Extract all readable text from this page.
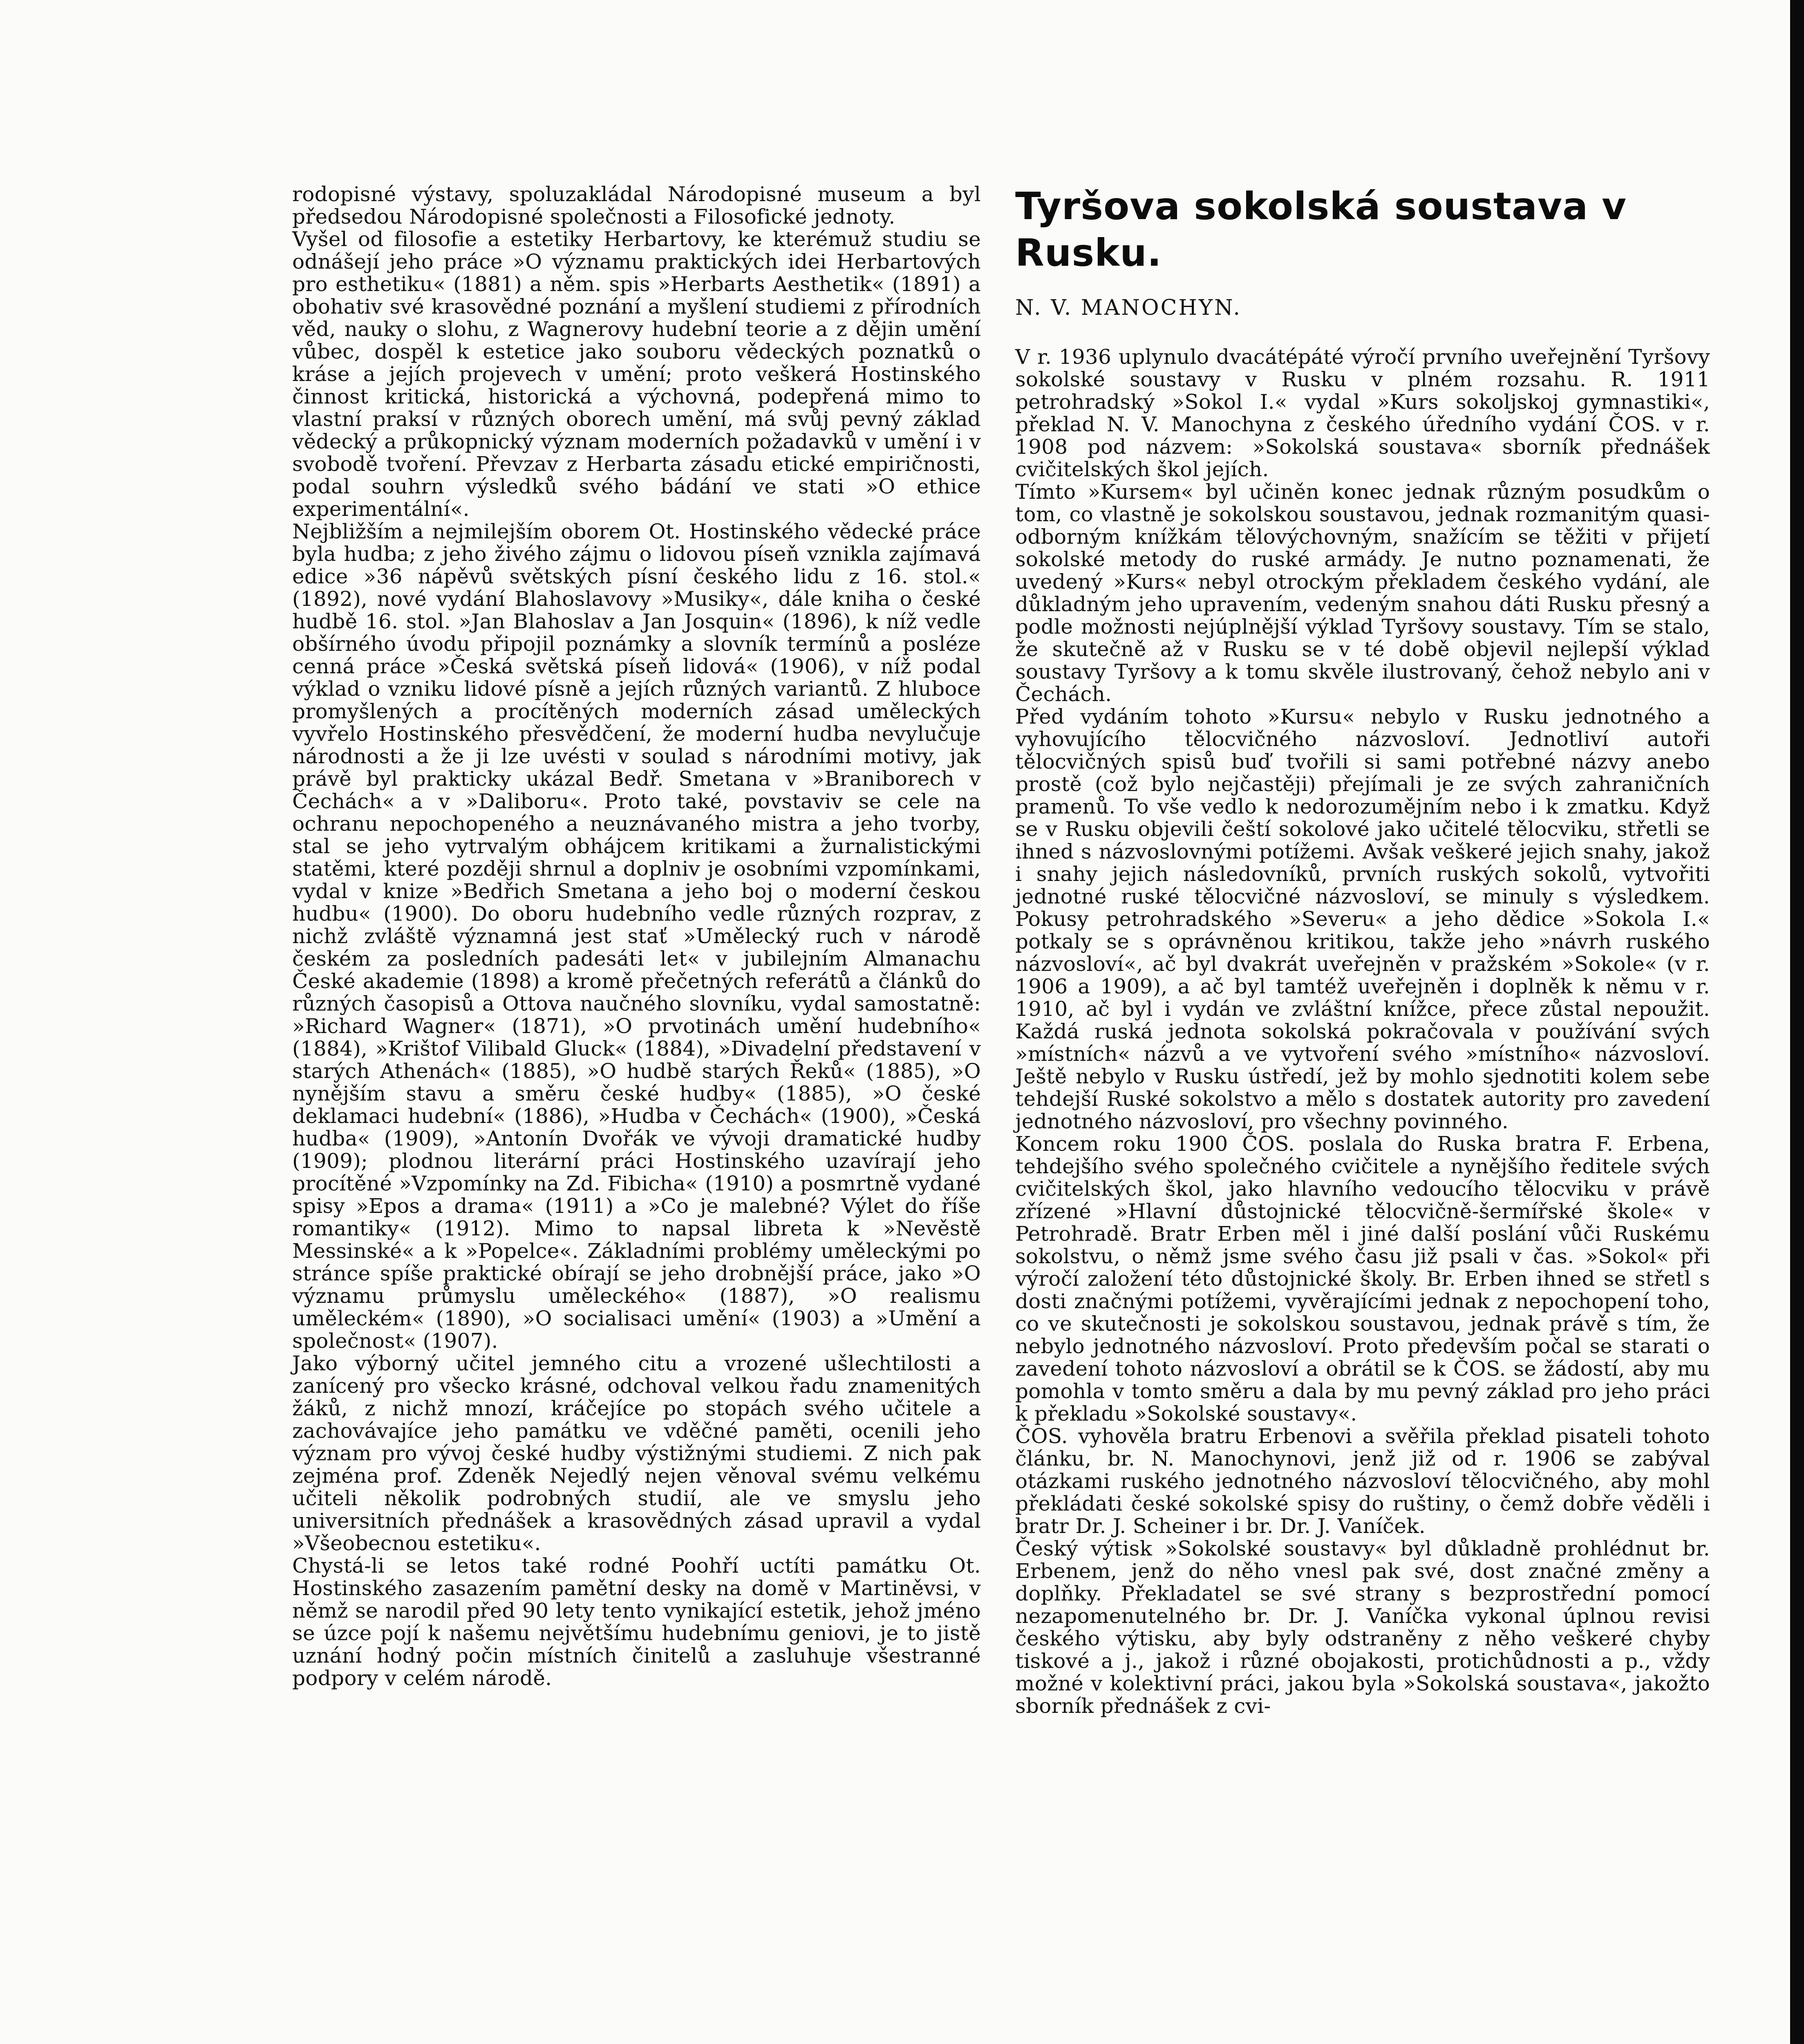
rodopisné výstavy, spoluzakládal Národopisné museum a byl předsedou Národopisné společnosti a Filosofické jednoty.

Vyšel od filosofie a estetiky Herbartovy, ke kterémuž studiu se odnášejí jeho práce »O významu praktických idei Herbartových pro esthetiku« (1881) a něm. spis »Herbarts Aesthetik« (1891) a obohativ své krasovědné poznání a myšlení studiemi z přírodních věd, nauky o slohu, z Wagnerovy hudební teorie a z dějin umění vůbec, dospěl k estetice jako souboru vědeckých poznatků o kráse a jejích projevech v umění; proto veškerá Hostinského činnost kritická, historická a výchovná, podepřená mimo to vlastní praksí v různých oborech umění, má svůj pevný základ vědecký a průkopnický význam moderních požadavků v umění i v svobodě tvoření. Převzav z Herbarta zásadu etické empiričnosti, podal souhrn výsledků svého bádání ve stati »O ethice experimentální«.

Nejbližším a nejmilejším oborem Ot. Hostinského vědecké práce byla hudba; z jeho živého zájmu o lidovou píseň vznikla zajímavá edice »36 nápěvů světských písní českého lidu z 16. stol.« (1892), nové vydání Blahoslavovy »Musiky«, dále kniha o české hudbě 16. stol. »Jan Blahoslav a Jan Josquin« (1896), k níž vedle obšírného úvodu připojil poznámky a slovník termínů a posléze cenná práce »Česká světská píseň lidová« (1906), v níž podal výklad o vzniku lidové písně a jejích různých variantů. Z hluboce promyšlených a procítěných moderních zásad uměleckých vyvřelo Hostinského přesvědčení, že moderní hudba nevylučuje národnosti a že ji lze uvésti v soulad s národními motivy, jak právě byl prakticky ukázal Bedř. Smetana v »Braniborech v Čechách« a v »Daliboru«. Proto také, povstaviv se cele na ochranu nepochopeného a neuznávaného mistra a jeho tvorby, stal se jeho vytrvalým obhájcem kritikami a žurnalistickými statěmi, které později shrnul a doplniv je osobními vzpomínkami, vydal v knize »Bedřich Smetana a jeho boj o moderní českou hudbu« (1900). Do oboru hudebního vedle různých rozprav, z nichž zvláště významná jest stať »Umělecký ruch v národě českém za posledních padesáti let« v jubilejním Almanachu České akademie (1898) a kromě přečetných referátů a článků do různých časopisů a Ottova naučného slovníku, vydal samostatně: »Richard Wagner« (1871), »O prvotinách umění hudebního« (1884), »Krištof Vilibald Gluck« (1884), »Divadelní představení v starých Athenách« (1885), »O hudbě starých Řeků« (1885), »O nynějším stavu a směru české hudby« (1885), »O české deklamaci hudební« (1886), »Hudba v Čechách« (1900), »Česká hudba« (1909), »Antonín Dvořák ve vývoji dramatické hudby (1909); plodnou literární práci Hostinského uzavírají jeho procítěné »Vzpomínky na Zd. Fibicha« (1910) a posmrtně vydané spisy »Epos a drama« (1911) a »Co je malebné? Výlet do říše romantiky« (1912). Mimo to napsal libreta k »Nevěstě Messinské« a k »Popelce«. Základními problémy uměleckými po stránce spíše praktické obírají se jeho drobnější práce, jako »O významu průmyslu uměleckého« (1887), »O realismu uměleckém« (1890), »O socialisaci umění« (1903) a »Umění a společnost« (1907).

Jako výborný učitel jemného citu a vrozené ušlechtilosti a zanícený pro všecko krásné, odchoval velkou řadu znamenitých žáků, z nichž mnozí, kráčejíce po stopách svého učitele a zachovávajíce jeho památku ve vděčné paměti, ocenili jeho význam pro vývoj české hudby výstižnými studiemi. Z nich pak zejména prof. Zdeněk Nejedlý nejen věnoval svému velkému učiteli několik podrobných studií, ale ve smyslu jeho universitních přednášek a krasovědných zásad upravil a vydal »Všeobecnou estetiku«.

Chystá-li se letos také rodné Poohří uctíti památku Ot. Hostinského zasazením pamětní desky na domě v Martiněvsi, v němž se narodil před 90 lety tento vynikající estetik, jehož jméno se úzce pojí k našemu největšímu hudebnímu geniovi, je to jistě uznání hodný počin místních činitelů a zasluhuje všestranné podpory v celém národě.

Tyršova sokolská soustava v Rusku.
N. V. MANOCHYN.

V r. 1936 uplynulo dvacátépáté výročí prvního uveřejnění Tyršovy sokolské soustavy v Rusku v plném rozsahu. R. 1911 petrohradský »Sokol I.« vydal »Kurs sokoljskoj gymnastiki«, překlad N. V. Manochyna z českého úředního vydání ČOS. v r. 1908 pod názvem: »Sokolská soustava« sborník přednášek cvičitelských škol jejích.

Tímto »Kursem« byl učiněn konec jednak různým posudkům o tom, co vlastně je sokolskou soustavou, jednak rozmanitým quasi-odborným knížkám tělovýchovným, snažícím se těžiti v přijetí sokolské metody do ruské armády. Je nutno poznamenati, že uvedený »Kurs« nebyl otrockým překladem českého vydání, ale důkladným jeho upravením, vedeným snahou dáti Rusku přesný a podle možnosti nejúplnější výklad Tyršovy soustavy. Tím se stalo, že skutečně až v Rusku se v té době objevil nejlepší výklad soustavy Tyršovy a k tomu skvěle ilustrovaný, čehož nebylo ani v Čechách.

Před vydáním tohoto »Kursu« nebylo v Rusku jednotného a vyhovujícího tělocvičného názvosloví. Jednotliví autoři tělocvičných spisů buď tvořili si sami potřebné názvy anebo prostě (což bylo nejčastěji) přejímali je ze svých zahraničních pramenů. To vše vedlo k nedorozumějním nebo i k zmatku. Když se v Rusku objevili čeští sokolové jako učitelé tělocviku, střetli se ihned s názvoslovnými potížemi. Avšak veškeré jejich snahy, jakož i snahy jejich následovníků, prvních ruských sokolů, vytvořiti jednotné ruské tělocvičné názvosloví, se minuly s výsledkem. Pokusy petrohradského »Severu« a jeho dědice »Sokola I.« potkaly se s oprávněnou kritikou, takže jeho »návrh ruského názvosloví«, ač byl dvakrát uveřejněn v pražském »Sokole« (v r. 1906 a 1909), a ač byl tamtéž uveřejněn i doplněk k němu v r. 1910, ač byl i vydán ve zvláštní knížce, přece zůstal nepoužit. Každá ruská jednota sokolská pokračovala v používání svých »místních« názvů a ve vytvoření svého »místního« názvosloví. Ještě nebylo v Rusku ústředí, jež by mohlo sjednotiti kolem sebe tehdejší Ruské sokolstvo a mělo s dostatek autority pro zavedení jednotného názvosloví, pro všechny povinného.

Koncem roku 1900 ČOS. poslala do Ruska bratra F. Erbena, tehdejšího svého společného cvičitele a nynějšího ředitele svých cvičitelských škol, jako hlavního vedoucího tělocviku v právě zřízené »Hlavní důstojnické tělocvičně-šermířské škole« v Petrohradě. Bratr Erben měl i jiné další poslání vůči Ruskému sokolstvu, o němž jsme svého času již psali v čas. »Sokol« při výročí založení této důstojnické školy. Br. Erben ihned se střetl s dosti značnými potížemi, vyvěrajícími jednak z nepochopení toho, co ve skutečnosti je sokolskou soustavou, jednak právě s tím, že nebylo jednotného názvosloví. Proto především počal se starati o zavedení tohoto názvosloví a obrátil se k ČOS. se žádostí, aby mu pomohla v tomto směru a dala by mu pevný základ pro jeho práci k překladu »Sokolské soustavy«.

ČOS. vyhověla bratru Erbenovi a svěřila překlad pisateli tohoto článku, br. N. Manochynovi, jenž již od r. 1906 se zabýval otázkami ruského jednotného názvosloví tělocvičného, aby mohl překládati české sokolské spisy do ruštiny, o čemž dobře věděli i bratr Dr. J. Scheiner i br. Dr. J. Vaníček.

Český výtisk »Sokolské soustavy« byl důkladně prohlédnut br. Erbenem, jenž do něho vnesl pak své, dost značné změny a doplňky. Překladatel se své strany s bezprostřední pomocí nezapomenutelného br. Dr. J. Vaníčka vykonal úplnou revisi českého výtisku, aby byly odstraněny z něho veškeré chyby tiskové a j., jakož i různé obojakosti, protichůdnosti a p., vždy možné v kolektivní práci, jakou byla »Sokolská soustava«, jakožto sborník přednášek z cvi-
